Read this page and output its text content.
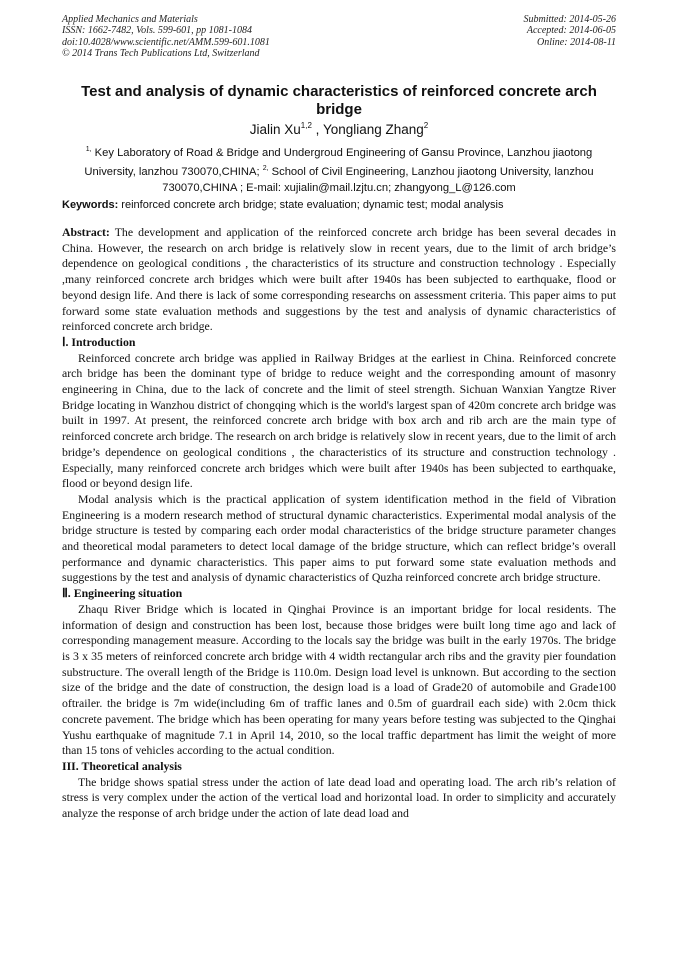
Applied Mechanics and Materials
ISSN: 1662-7482, Vols. 599-601, pp 1081-1084
doi:10.4028/www.scientific.net/AMM.599-601.1081
© 2014 Trans Tech Publications Ltd, Switzerland
Submitted: 2014-05-26
Accepted: 2014-06-05
Online: 2014-08-11
Test and analysis of dynamic characteristics of reinforced concrete arch bridge
Jialin Xu$^{1,2}$ , Yongliang Zhang$^2$
$^{1,}$ Key Laboratory of Road & Bridge and Undergroud Engineering of Gansu Province, Lanzhou jiaotong University, lanzhou 730070,CHINA; $^{2,}$ School of Civil Engineering, Lanzhou jiaotong University, lanzhou 730070,CHINA ; E-mail: xujialin@mail.lzjtu.cn; zhangyong_L@126.com
Keywords: reinforced concrete arch bridge; state evaluation; dynamic test; modal analysis

Abstract: The development and application of the reinforced concrete arch bridge has been several decades in China. However, the research on arch bridge is relatively slow in recent years, due to the limit of arch bridge’s dependence on geological conditions , the characteristics of its structure and construction technology . Especially ,many reinforced concrete arch bridges which were built after 1940s has been subjected to earthquake, flood or beyond design life. And there is lack of some corresponding researchs on assessment criteria. This paper aims to put forward some state evaluation methods and suggestions by the test and analysis of dynamic characteristics of reinforced concrete arch bridge.

Ⅰ. Introduction

Reinforced concrete arch bridge was applied in Railway Bridges at the earliest in China. Reinforced concrete arch bridge has been the dominant type of bridge to reduce weight and the corresponding amount of masonry engineering in China, due to the lack of concrete and the limit of steel strength. Sichuan Wanxian Yangtze River Bridge locating in Wanzhou district of chongqing which is the world's largest span of 420m concrete arch bridge was built in 1997. At present, the reinforced concrete arch bridge with box arch and rib arch are the main type of reinforced concrete arch bridge. The research on arch bridge is relatively slow in recent years, due to the limit of arch bridge’s dependence on geological conditions , the characteristics of its structure and construction technology . Especially, many reinforced concrete arch bridges which were built after 1940s has been subjected to earthquake, flood or beyond design life.

Modal analysis which is the practical application of system identification method in the field of Vibration Engineering is a modern research method of structural dynamic characteristics. Experimental modal analysis of the bridge structure is tested by comparing each order modal characteristics of the bridge structure parameter changes and theoretical modal parameters to detect local damage of the bridge structure, which can reflect bridge’s overall performance and dynamic characteristics. This paper aims to put forward some state evaluation methods and suggestions by the test and analysis of dynamic characteristics of Quzha reinforced concrete arch bridge structure.

Ⅱ. Engineering situation

Zhaqu River Bridge which is located in Qinghai Province is an important bridge for local residents. The information of design and construction has been lost, because those bridges were built long time ago and lack of corresponding management measure. According to the locals say the bridge was built in the early 1970s. The bridge is 3 x 35 meters of reinforced concrete arch bridge with 4 width rectangular arch ribs and the gravity pier foundation substructure. The overall length of the Bridge is 110.0m. Design load level is unknown. But according to the section size of the bridge and the date of construction, the design load is a load of Grade20 of automobile and Grade100 oftrailer. the bridge is 7m wide(including 6m of traffic lanes and 0.5m of guardrail each side) with 2.0cm thick concrete pavement. The bridge which has been operating for many years before testing was subjected to the Qinghai Yushu earthquake of magnitude 7.1 in April 14, 2010, so the local traffic department has limit the weight of more than 15 tons of vehicles according to the actual condition.

III. Theoretical analysis

The bridge shows spatial stress under the action of late dead load and operating load. The arch rib’s relation of stress is very complex under the action of the vertical load and horizontal load. In order to simplicity and accurately analyze the response of arch bridge under the action of late dead load and
